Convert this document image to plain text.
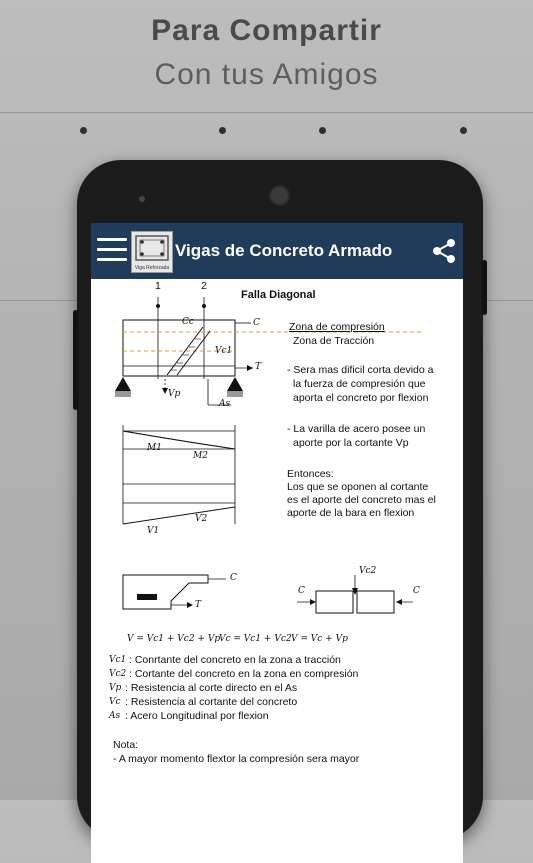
Para Compartir
Con tus Amigos
Viga Reforzada
Vigas de Concreto Armado
Falla Diagonal
1	2
Cc	C
Vc1
T
Vp
As
M1
M2
V1
V2
C
T
Vc2
C	C
Zona de compresión
Zona de Tracción
- Sera mas dificil corta devido a
la fuerza de compresión que
aporta el concreto por flexion
- La varilla de acero posee un
aporte por la cortante Vp
Entonces:
Los que se oponen al cortante
es el aporte del concreto mas el
aporte de la bara en flexion
V = Vc1 + Vc2 + Vp
Vc = Vc1 + Vc2 V = Vc + Vp
Vc1 : Conrtante del concreto en la zona a tracción
Vc2 : Cortante del concreto en la zona en compresión
Vp : Resistencia al corte directo en el As
Vc : Resistencia al cortante del concreto
As : Acero Longitudinal por flexion
Nota:
- A mayor momento flextor la compresión sera mayor
